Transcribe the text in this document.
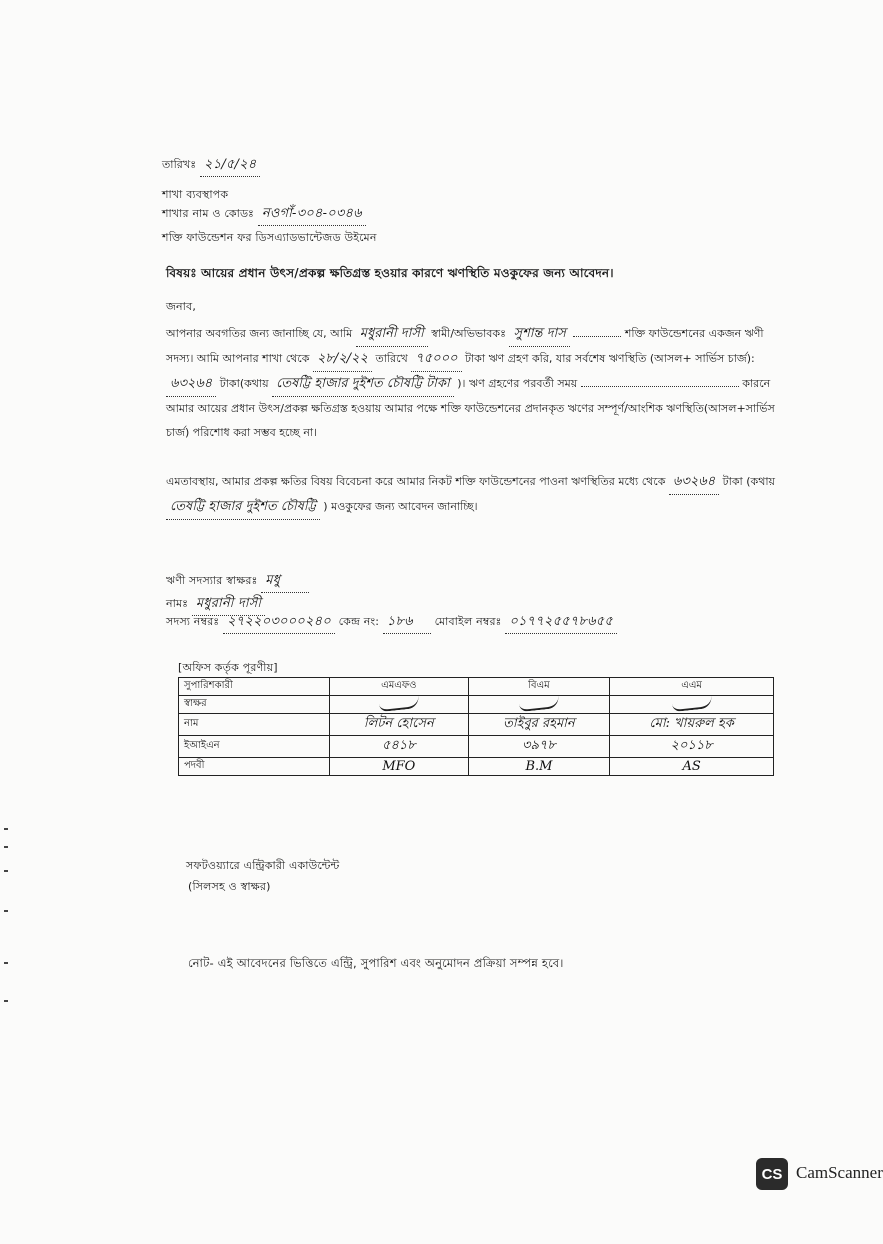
তারিখঃ ২১/৫/২৪
শাখা ব্যবস্থাপক
শাখার নাম ও কোডঃ নওগাঁ-৩০৪-০৩৪৬
শক্তি ফাউন্ডেশন ফর ডিসএ্যাডভান্টেজড উইমেন
বিষয়ঃ আয়ের প্রধান উৎস/প্রকল্প ক্ষতিগ্রস্ত হওয়ার কারণে ঋণস্থিতি মওকুফের জন্য আবেদন।
জনাব,
আপনার অবগতির জন্য জানাচ্ছি যে, আমি মধুরানী দাসী স্বামী/অভিভাবকঃ সুশান্ত দাস	শক্তি ফাউন্ডেশনের একজন ঋণী সদস্য। আমি আপনার শাখা থেকে ২৮/২/২২ তারিখে ৭৫০০০ টাকা ঋণ গ্রহণ করি, যার সর্বশেষ ঋণস্থিতি (আসল+ সার্ভিস চার্জ): ৬৩২৬৪ টাকা(কথায় তেষট্টি হাজার দুইশত চৌষট্টি টাকা )। ঋণ গ্রহণের পরবর্তী সময়	কারনে আমার আয়ের প্রধান উৎস/প্রকল্প ক্ষতিগ্রস্ত হওয়ায় আমার পক্ষে শক্তি ফাউন্ডেশনের প্রদানকৃত ঋণের সম্পূর্ণ/আংশিক ঋণস্থিতি(আসল+সার্ভিস চার্জ) পরিশোধ করা সম্ভব হচ্ছে না।
এমতাবস্থায়, আমার প্রকল্প ক্ষতির বিষয় বিবেচনা করে আমার নিকট শক্তি ফাউন্ডেশনের পাওনা ঋণস্থিতির মধ্যে থেকে ৬৩২৬৪ টাকা (কথায় তেষট্টি হাজার দুইশত চৌষট্টি ) মওকুফের জন্য আবেদন জানাচ্ছি।
ঋণী সদস্যার স্বাক্ষরঃ মধু
নামঃ মধুরানী দাসী
সদস্য নম্বরঃ ২৭২২০৩০০০২৪০ কেন্দ্র নং: ১৮৬ মোবাইল নম্বরঃ ০১৭৭২৫৫৭৮৬৫৫
[অফিস কর্তৃক পূরণীয়]
সুপারিশকারী	এমএফও	বিএম	এএম
স্বাক্ষর			
নাম	লিটন হোসেন	তাইবুর রহমান	মো: খায়রুল হক
ইআইএন	৫৪১৮	৩৯৭৮	২০১১৮
পদবী	MFO	B.M	AS
সফটওয়্যারে এন্ট্রিকারী একাউন্টেন্ট
(সিলসহ ও স্বাক্ষর)
নোট- এই আবেদনের ভিত্তিতে এন্ট্রি, সুপারিশ এবং অনুমোদন প্রক্রিয়া সম্পন্ন হবে।
CS CamScanner
